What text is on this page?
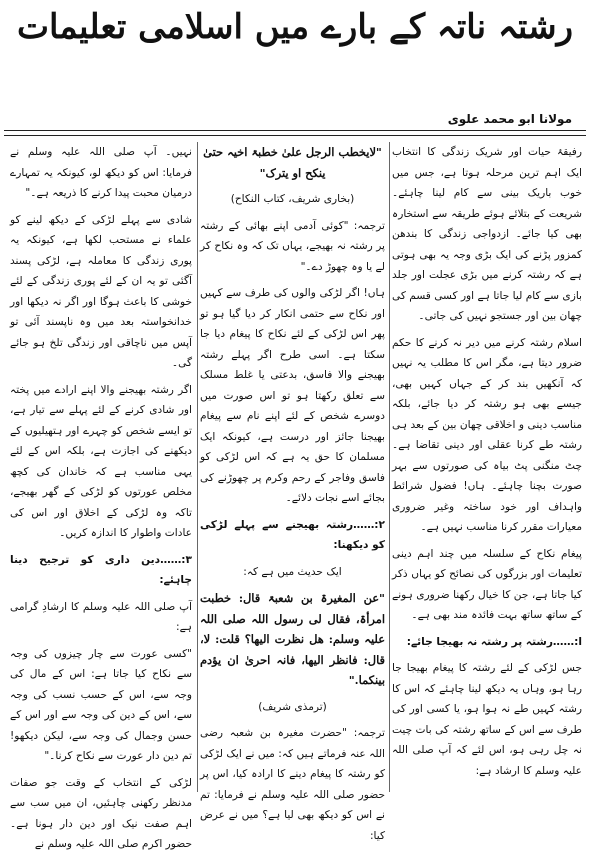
رشتہ ناتہ کے بارے میں اسلامی تعلیمات
مولانا ابو محمد علوی

رفیقۂ حیات اور شریک زندگی کا انتخاب ایک اہم ترین مرحلہ ہوتا ہے، جس میں خوب باریک بینی سے کام لینا چاہئے۔ شریعت کے بتلائے ہوئے طریقہ سے استخارہ بھی کیا جائے۔ ازدواجی زندگی کا بندھن کمزور پڑنے کی ایک بڑی وجہ یہ بھی ہوتی ہے کہ رشتہ کرنے میں بڑی عجلت اور جلد بازی سے کام لیا جاتا ہے اور کسی قسم کی چھان بین اور جستجو نہیں کی جاتی۔

اسلام رشتہ کرنے میں دیر نہ کرنے کا حکم ضرور دیتا ہے، مگر اس کا مطلب یہ نہیں کہ آنکھیں بند کر کے جہاں کہیں بھی، جیسے بھی ہو رشتہ کر دیا جائے، بلکہ مناسب دینی و اخلاقی چھان بین کے بعد ہی رشتہ طے کرنا عقلی اور دینی تقاضا ہے۔ چٹ منگنی پٹ بیاہ کی صورتوں سے بہر صورت بچنا چاہئے۔ ہاں! فضول شرائط واہداف اور خود ساختہ وغیر ضروری معیارات مقرر کرنا مناسب نہیں ہے۔

پیغام نکاح کے سلسلہ میں چند اہم دینی تعلیمات اور بزرگوں کی نصائح کو یہاں ذکر کیا جاتا ہے، جن کا خیال رکھنا ضروری ہونے کے ساتھ ساتھ بہت فائدہ مند بھی ہے۔

ا:……رشتہ پر رشتہ نہ بھیجا جائے:

جس لڑکی کے لئے رشتہ کا پیغام بھیجا جا رہا ہو، وہاں یہ دیکھ لینا چاہئے کہ اس کا رشتہ کہیں طے نہ ہوا ہو، یا کسی اور کی طرف سے اس کے ساتھ رشتہ کی بات چیت نہ چل رہی ہو، اس لئے کہ آپ صلی اللہ علیہ وسلم کا ارشاد ہے:

"لایخطب الرجل علیٰ خطبۃ اخیہ حتیٰ ینکح او یترک"

(بخاری شریف، کتاب النکاح)

ترجمہ: "کوئی آدمی اپنے بھائی کے رشتہ پر رشتہ نہ بھیجے، یہاں تک کہ وہ نکاح کر لے یا وہ چھوڑ دے۔"

ہاں! اگر لڑکی والوں کی طرف سے کہیں اور نکاح سے حتمی انکار کر دیا گیا ہو تو پھر اس لڑکی کے لئے نکاح کا پیغام دیا جا سکتا ہے۔ اسی طرح اگر پہلے رشتہ بھیجنے والا فاسق، بدعتی یا غلط مسلک سے تعلق رکھتا ہو تو اس صورت میں دوسرے شخص کے لئے اپنے نام سے پیغام بھیجنا جائز اور درست ہے، کیونکہ ایک مسلمان کا حق یہ ہے کہ اس لڑکی کو فاسق وفاجر کے رحم وکرم پر چھوڑنے کی بجائے اسے نجات دلائے۔

۲:……رشتہ بھیجنے سے پہلے لڑکی کو دیکھنا:

ایک حدیث میں ہے کہ:

"عن المغیرۃ بن شعبۃ قال: خطبت امرأۃ، فقال لی رسول اللہ صلی اللہ علیہ وسلم: ھل نظرت الیھا؟ قلت: لا، قال: فانظر الیھا، فانہ احریٰ ان یؤدم بینکما."

(ترمذی شریف)

ترجمہ: "حضرت مغیرہ بن شعبہ رضی اللہ عنہ فرماتے ہیں کہ: میں نے ایک لڑکی کو رشتہ کا پیغام دینے کا ارادہ کیا، اس پر حضور صلی اللہ علیہ وسلم نے فرمایا: تم نے اس کو دیکھ بھی لیا ہے؟ میں نے عرض کیا:

نہیں۔ آپ صلی اللہ علیہ وسلم نے فرمایا: اس کو دیکھ لو، کیونکہ یہ تمہارے درمیان محبت پیدا کرنے کا ذریعہ ہے۔"

شادی سے پہلے لڑکی کے دیکھ لینے کو علماء نے مستحب لکھا ہے، کیونکہ یہ پوری زندگی کا معاملہ ہے، لڑکی پسند آگئی تو یہ ان کے لئے پوری زندگی کے لئے خوشی کا باعث ہوگا اور اگر نہ دیکھا اور خدانخواستہ بعد میں وہ ناپسند آئی تو آپس میں ناچاقی اور زندگی تلخ ہو جائے گی۔

اگر رشتہ بھیجنے والا اپنے ارادے میں پختہ اور شادی کرنے کے لئے پہلے سے تیار ہے، تو ایسے شخص کو چہرے اور ہتھیلیوں کے دیکھنے کی اجازت ہے، بلکہ اس کے لئے یہی مناسب ہے کہ خاندان کی کچھ مخلص عورتوں کو لڑکی کے گھر بھیجے، تاکہ وہ لڑکی کے اخلاق اور اس کی عادات واطوار کا اندازہ کریں۔

۳:……دین داری کو ترجیح دینا چاہئے:

آپ صلی اللہ علیہ وسلم کا ارشادِ گرامی ہے:

"کسی عورت سے چار چیزوں کی وجہ سے نکاح کیا جاتا ہے: اس کے مال کی وجہ سے، اس کے حسب نسب کی وجہ سے، اس کے دین کی وجہ سے اور اس کے حسن وجمال کی وجہ سے، لیکن دیکھو! تم دین دار عورت سے نکاح کرنا۔"

لڑکی کے انتخاب کے وقت جو صفات مدنظر رکھنی چاہئیں، ان میں سب سے اہم صفت نیک اور دین دار ہونا ہے۔ حضور اکرم صلی اللہ علیہ وسلم نے
